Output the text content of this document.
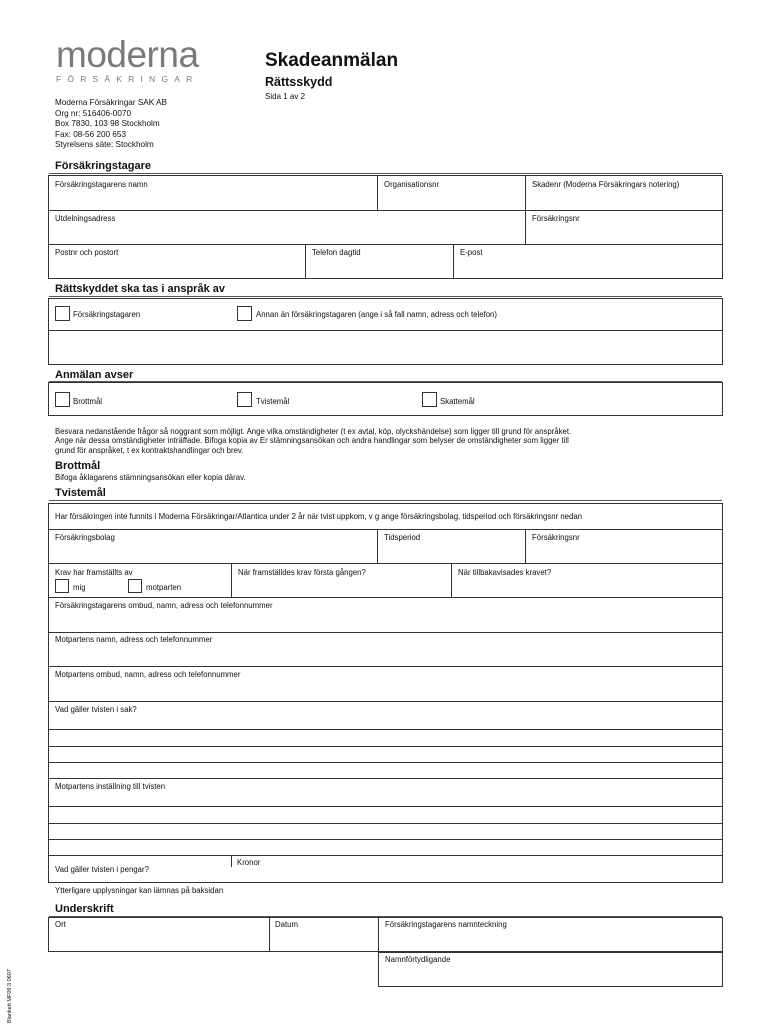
moderna
FÖRSÄKRINGAR
Moderna Försäkringar SAK AB
Org nr: 516406-0070
Box 7830, 103 98 Stockholm
Fax: 08-56 200 653
Styrelsens säte: Stockholm
Skadeanmälan
Rättsskydd
Sida 1 av 2
Försäkringstagare
Försäkringstagarens namn	Organisationsnr	Skadenr (Moderna Försäkringars notering)
Utdelningsadress	Försäkringsnr
Postnr och postort	Telefon dagtid	E-post
Rättskyddet ska tas i anspråk av
Försäkringstagaren	Annan än försäkringstagaren (ange i så fall namn, adress och telefon)
Anmälan avser
Brottmål	Tvistemål	Skattemål
Besvara nedanstående frågor så noggrant som möjligt. Ange vilka omständigheter (t ex avtal, köp, olyckshändelse) som ligger till grund för anspråket.
Ange när dessa omständigheter inträffade. Bifoga kopia av Er stämningsansökan och andra handlingar som belyser de omständigheter som ligger till
grund för anspråket, t ex kontraktshandlingar och brev.
Brottmål
Bifoga åklagarens stämningsansökan eller kopia därav.
Tvistemål
Har försäkringen inte funnits i Moderna Försäkringar/Atlantica under 2 år när tvist uppkom, v g ange försäkringsbolag, tidsperiod och försäkringsnr nedan
Försäkringsbolag	Tidsperiod	Försäkringsnr
Krav har framställts av
mig	motparten
När framställdes krav första gången?	När tillbakavisades kravet?
Försäkringstagarens ombud, namn, adress och telefonnummer
Motpartens namn, adress och telefonnummer
Motpartens ombud, namn, adress och telefonnummer
Vad gäller tvisten i sak?
Motpartens inställning till tvisten
Vad gäller tvisten i pengar?
Kronor
Ytterligare upplysningar kan lämnas på baksidan
Underskrift
Ort	Datum	Försäkringstagarens namnteckning
Namnförtydligande
Blankett MF09:3 0607
